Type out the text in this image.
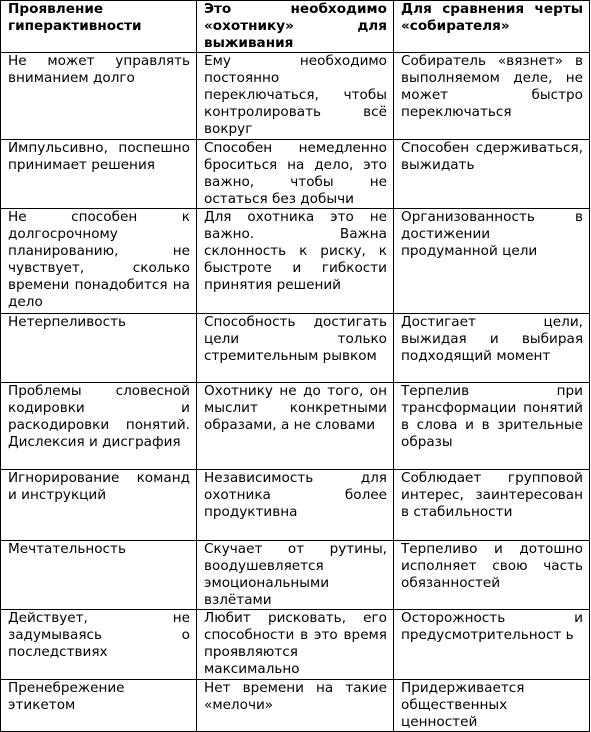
Проявление гиперактивности	Это необходимо «охотнику» для выживания	Для сравнения черты «собирателя»
Не может управлять вниманием долго	Ему необходимо постоянно переключаться, чтобы контролировать всё вокруг	Собиратель «вязнет» в выполняемом деле, не может быстро переключаться
Импульсивно, поспешно принимает решения	Способен немедленно броситься на дело, это важно, чтобы не остаться без добычи	Способен сдерживаться, выжидать
Не способен к долгосрочному планированию, не чувствует, сколько времени понадобится на дело	Для охотника это не важно. Важна склонность к риску, к быстроте и гибкости принятия решений	Организованность в достижении продуманной цели
Нетерпеливость	Способность достигать цели только стремительным рывком	Достигает цели, выжидая и выбирая подходящий момент
Проблемы словесной кодировки и раскодировки понятий. Дислексия и дисграфия	Охотнику не до того, он мыслит конкретными образами, а не словами	Терпелив при трансформации понятий в слова и в зрительные образы
Игнорирование команд и инструкций	Независимость для охотника более продуктивна	Соблюдает групповой интерес, заинтересован в стабильности
Мечтательность	Скучает от рутины, воодушевляется эмоциональными взлётами	Терпеливо и дотошно исполняет свою часть обязанностей
Действует, не задумываясь о последствиях	Любит рисковать, его способности в это время проявляются максимально	Осторожность и предусмотрительност ь
Пренебрежение этикетом	Нет времени на такие «мелочи»	Придерживается общественных ценностей
